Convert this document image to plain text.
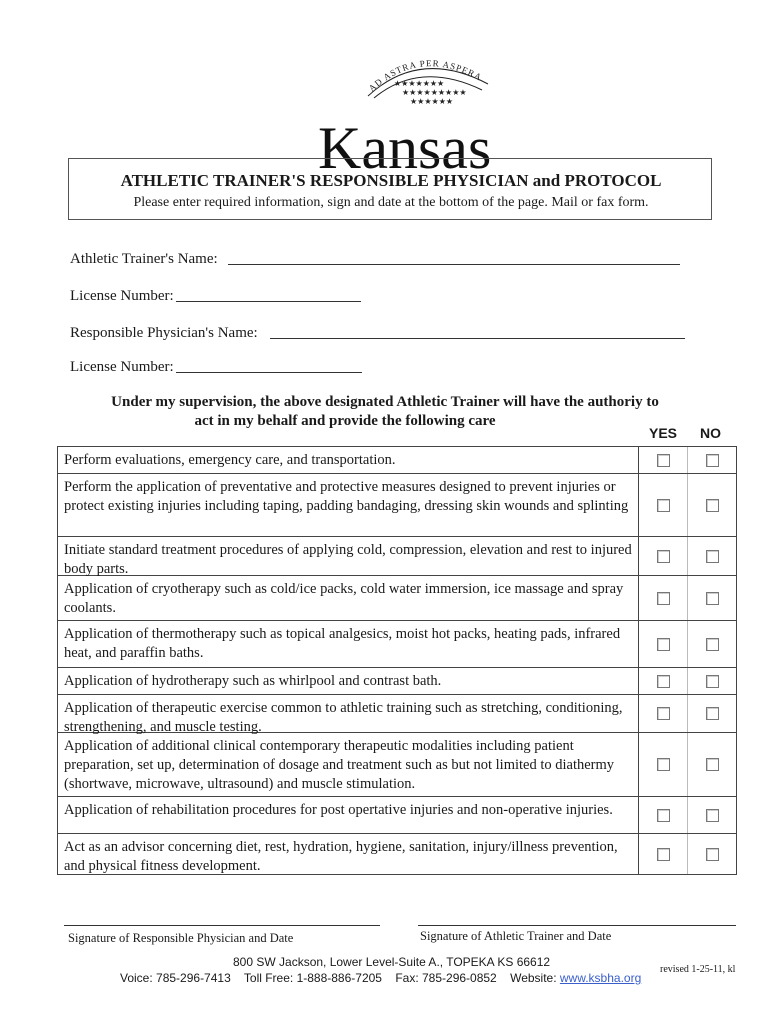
AD ASTRA PER ASPERA
★★★★★★★
★★★★★★★★★
★★★★★★
Kansas
ATHLETIC TRAINER'S RESPONSIBLE PHYSICIAN and PROTOCOL
Please enter required information, sign and date at the bottom of the page. Mail or fax form.
Athletic Trainer's Name:
License Number:
Responsible Physician's Name:
License Number:
Under my supervision, the above designated Athletic Trainer will have the authoriy to
act in my behalf and provide the following care
YES NO
Perform evaluations, emergency care, and transportation.
Perform the application of preventative and protective measures designed to prevent injuries or protect existing injuries including taping, padding bandaging, dressing skin wounds and splinting
Initiate standard treatment procedures of applying cold, compression, elevation and rest to injured body parts.
Application of cryotherapy such as cold/ice packs, cold water immersion, ice massage and spray coolants.
Application of thermotherapy such as topical analgesics, moist hot packs, heating pads, infrared heat, and paraffin baths.
Application of hydrotherapy such as whirlpool and contrast bath.
Application of therapeutic exercise common to athletic training such as stretching, conditioning, strengthening, and muscle testing.
Application of additional clinical contemporary therapeutic modalities including patient preparation, set up, determination of dosage and treatment such as but not limited to diathermy (shortwave, microwave, ultrasound) and muscle stimulation.
Application of rehabilitation procedures for post opertative injuries and non-operative injuries.
Act as an advisor concerning diet, rest, hydration, hygiene, sanitation, injury/illness prevention, and physical fitness development.
Signature of Responsible Physician and Date	Signature of Athletic Trainer and Date
800 SW Jackson, Lower Level-Suite A., TOPEKA KS 66612
Voice: 785-296-7413 Toll Free: 1-888-886-7205 Fax: 785-296-0852 Website: www.ksbha.org
revised 1-25-11, kl
